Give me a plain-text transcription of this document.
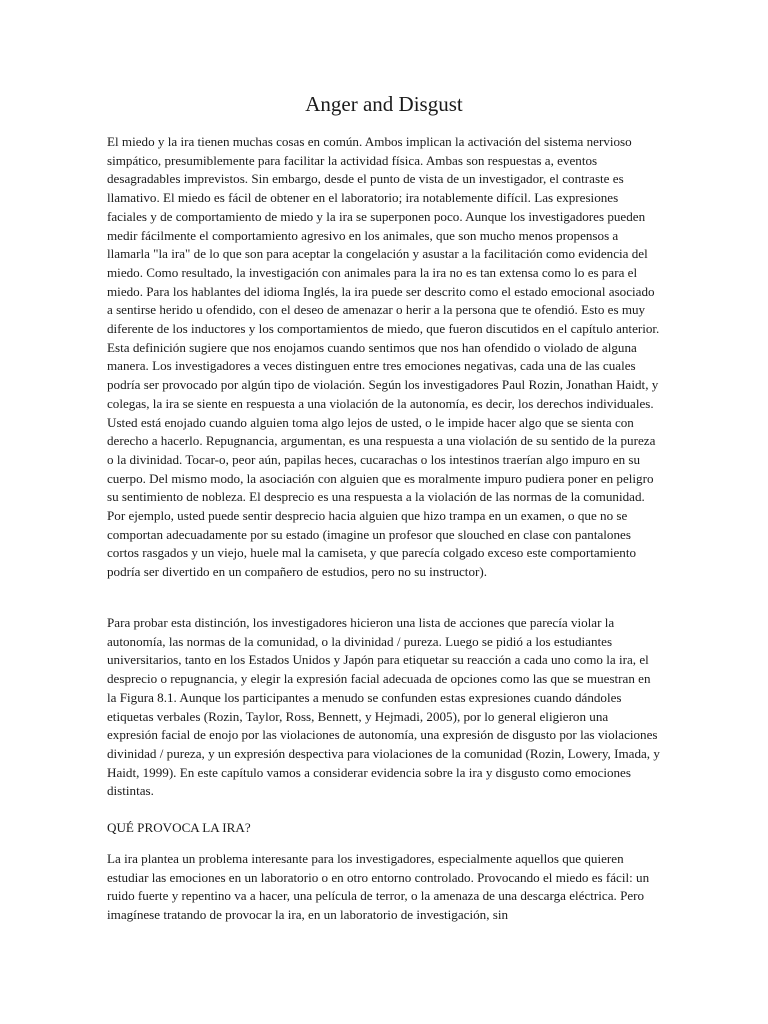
Anger and Disgust

El miedo y la ira tienen muchas cosas en común. Ambos implican la activación del sistema nervioso simpático, presumiblemente para facilitar la actividad física. Ambas son respuestas a, eventos desagradables imprevistos. Sin embargo, desde el punto de vista de un investigador, el contraste es llamativo. El miedo es fácil de obtener en el laboratorio; ira notablemente difícil. Las expresiones faciales y de comportamiento de miedo y la ira se superponen poco. Aunque los investigadores pueden medir fácilmente el comportamiento agresivo en los animales, que son mucho menos propensos a llamarla "la ira" de lo que son para aceptar la congelación y asustar a la facilitación como evidencia del miedo. Como resultado, la investigación con animales para la ira no es tan extensa como lo es para el miedo. Para los hablantes del idioma Inglés, la ira puede ser descrito como el estado emocional asociado a sentirse herido u ofendido, con el deseo de amenazar o herir a la persona que te ofendió. Esto es muy diferente de los inductores y los comportamientos de miedo, que fueron discutidos en el capítulo anterior. Esta definición sugiere que nos enojamos cuando sentimos que nos han ofendido o violado de alguna manera. Los investigadores a veces distinguen entre tres emociones negativas, cada una de las cuales podría ser provocado por algún tipo de violación. Según los investigadores Paul Rozin, Jonathan Haidt, y colegas, la ira se siente en respuesta a una violación de la autonomía, es decir, los derechos individuales. Usted está enojado cuando alguien toma algo lejos de usted, o le impide hacer algo que se sienta con derecho a hacerlo. Repugnancia, argumentan, es una respuesta a una violación de su sentido de la pureza o la divinidad. Tocar-o, peor aún, papilas heces, cucarachas o los intestinos traerían algo impuro en su cuerpo. Del mismo modo, la asociación con alguien que es moralmente impuro pudiera poner en peligro su sentimiento de nobleza. El desprecio es una respuesta a la violación de las normas de la comunidad. Por ejemplo, usted puede sentir desprecio hacia alguien que hizo trampa en un examen, o que no se comportan adecuadamente por su estado (imagine un profesor que slouched en clase con pantalones cortos rasgados y un viejo, huele mal la camiseta, y que parecía colgado exceso este comportamiento podría ser divertido en un compañero de estudios, pero no su instructor).

Para probar esta distinción, los investigadores hicieron una lista de acciones que parecía violar la autonomía, las normas de la comunidad, o la divinidad / pureza. Luego se pidió a los estudiantes universitarios, tanto en los Estados Unidos y Japón para etiquetar su reacción a cada uno como la ira, el desprecio o repugnancia, y elegir la expresión facial adecuada de opciones como las que se muestran en la Figura 8.1. Aunque los participantes a menudo se confunden estas expresiones cuando dándoles etiquetas verbales (Rozin, Taylor, Ross, Bennett, y Hejmadi, 2005), por lo general eligieron una expresión facial de enojo por las violaciones de autonomía, una expresión de disgusto por las violaciones divinidad / pureza, y un expresión despectiva para violaciones de la comunidad (Rozin, Lowery, Imada, y Haidt, 1999). En este capítulo vamos a considerar evidencia sobre la ira y disgusto como emociones distintas.

QUÉ PROVOCA LA IRA?

La ira plantea un problema interesante para los investigadores, especialmente aquellos que quieren estudiar las emociones en un laboratorio o en otro entorno controlado. Provocando el miedo es fácil: un ruido fuerte y repentino va a hacer, una película de terror, o la amenaza de una descarga eléctrica. Pero imagínese tratando de provocar la ira, en un laboratorio de investigación, sin
